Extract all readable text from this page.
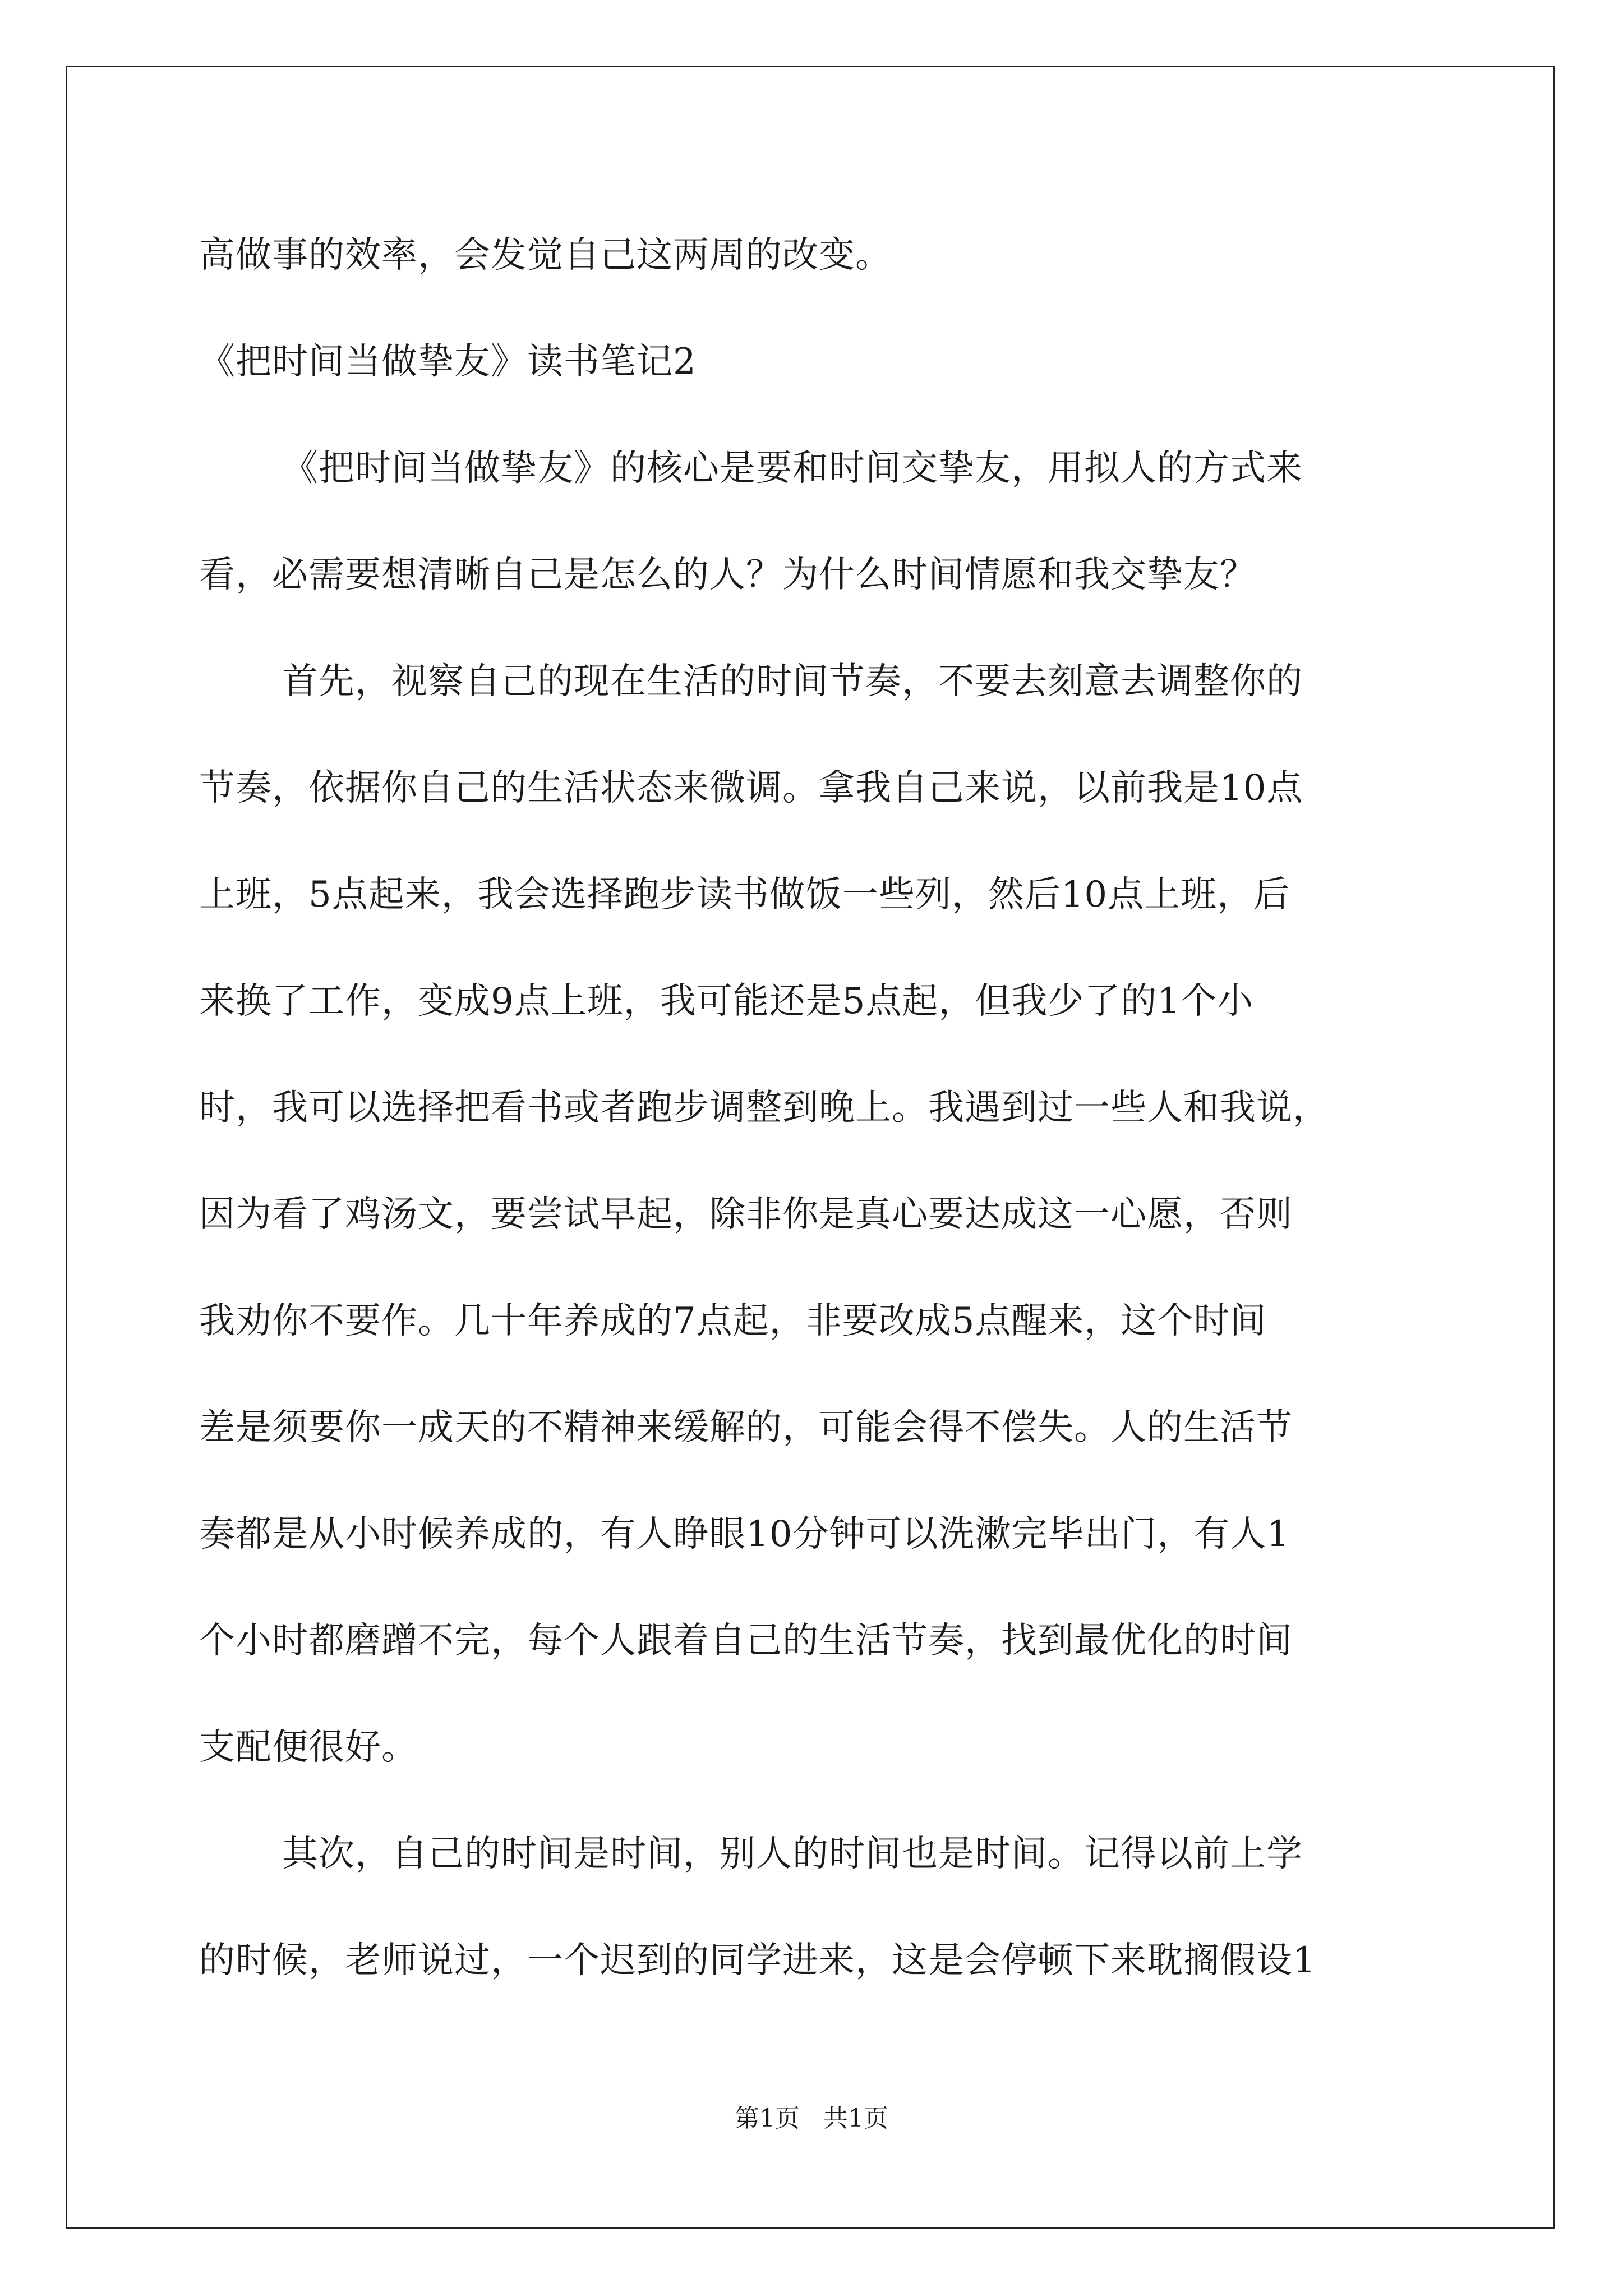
高做事的效率，会发觉自己这两周的改变。

《把时间当做挚友》读书笔记2

《把时间当做挚友》的核心是要和时间交挚友，用拟人的方式来

看，必需要想清晰自己是怎么的人？为什么时间情愿和我交挚友？

首先，视察自己的现在生活的时间节奏，不要去刻意去调整你的

节奏，依据你自己的生活状态来微调。拿我自己来说，以前我是10点

上班，5点起来，我会选择跑步读书做饭一些列，然后10点上班，后

来换了工作，变成9点上班，我可能还是5点起，但我少了的1个小

时，我可以选择把看书或者跑步调整到晚上。我遇到过一些人和我说，

因为看了鸡汤文，要尝试早起，除非你是真心要达成这一心愿，否则

我劝你不要作。几十年养成的7点起，非要改成5点醒来，这个时间

差是须要你一成天的不精神来缓解的，可能会得不偿失。人的生活节

奏都是从小时候养成的，有人睁眼10分钟可以洗漱完毕出门，有人1

个小时都磨蹭不完，每个人跟着自己的生活节奏，找到最优化的时间

支配便很好。

其次，自己的时间是时间，别人的时间也是时间。记得以前上学

的时候，老师说过，一个迟到的同学进来，这是会停顿下来耽搁假设1

第1页 共1页
